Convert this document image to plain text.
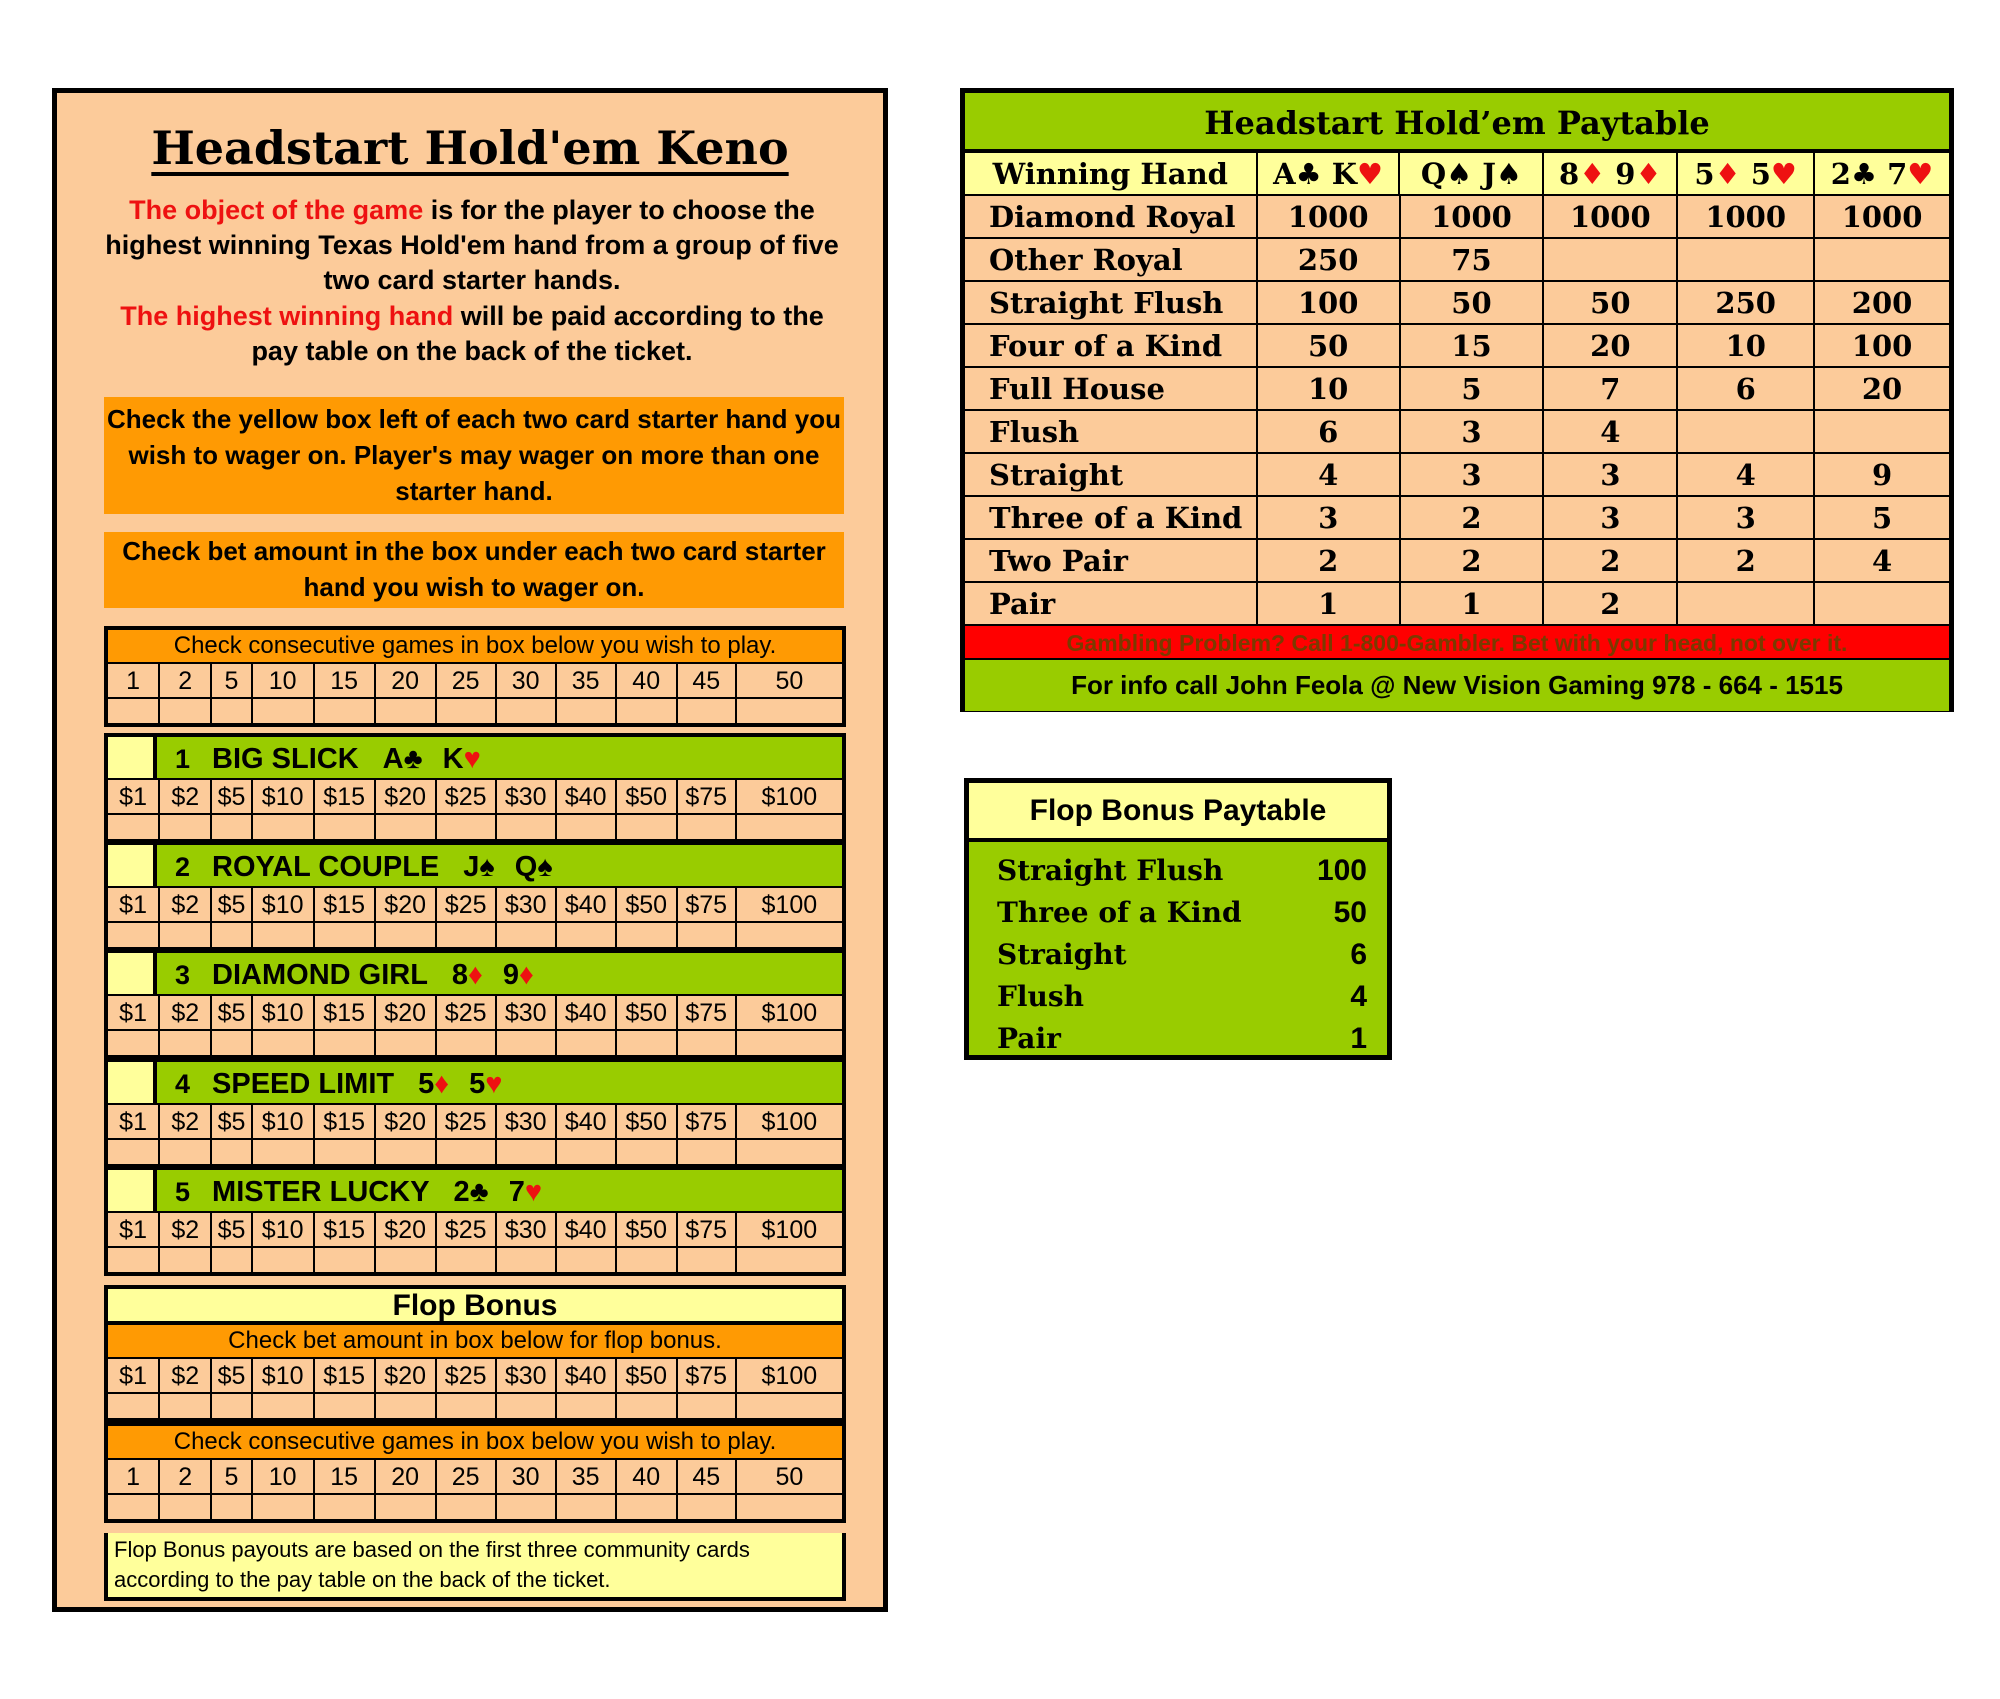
Headstart Hold'em Keno
The object of the game is for the player to choose the highest winning Texas Hold'em hand from a group of five two card starter hands.
The highest winning hand will be paid according to the pay table on the back of the ticket.
Check the yellow box left of each two card starter hand you wish to wager on. Player's may wager on more than one starter hand.
Check bet amount in the box under each two card starter hand you wish to wager on.
Check consecutive games in box below you wish to play.
1	2	5	10	15	20	25	30	35	40	45	50
1 BIG SLICK A♣ K♥
$1 $2 $5 $10 $15 $20 $25 $30 $40 $50 $75	$100
2 ROYAL COUPLE J♠ Q♠
$1 $2 $5 $10 $15 $20 $25 $30 $40 $50 $75	$100
3 DIAMOND GIRL 8♦ 9♦
$1 $2 $5 $10 $15 $20 $25 $30 $40 $50 $75	$100
4 SPEED LIMIT 5♦ 5♥
$1 $2 $5 $10 $15 $20 $25 $30 $40 $50 $75	$100
5 MISTER LUCKY 2♣ 7♥
$1 $2 $5 $10 $15 $20 $25 $30 $40 $50 $75	$100
Flop Bonus
Check bet amount in box below for flop bonus.
$1 $2 $5 $10 $15 $20 $25 $30 $40 $50 $75	$100
Check consecutive games in box below you wish to play.
1	2	5	10	15	20	25	30	35	40	45	50
Flop Bonus payouts are based on the first three community cards according to the pay table on the back of the ticket.
Headstart Hold’em Paytable
Winning Hand	A♣ K♥	Q♠ J♠	8♦ 9♦	5♦ 5♥	2♣ 7♥
Diamond Royal	1000	1000	1000	1000	1000
Other Royal	250	75
Straight Flush	100	50	50	250	200
Four of a Kind	50	15	20	10	100
Full House	10	5	7	6	20
Flush	6	3	4
Straight	4	3	3	4	9
Three of a Kind	3	2	3	3	5
Two Pair	2	2	2	2	4
Pair	1	1	2
Gambling Problem? Call 1-800-Gambler. Bet with your head, not over it.
For info call John Feola @ New Vision Gaming 978 - 664 - 1515
Flop Bonus Paytable
Straight Flush	100
Three of a Kind	50
Straight	6
Flush	4
Pair	1
